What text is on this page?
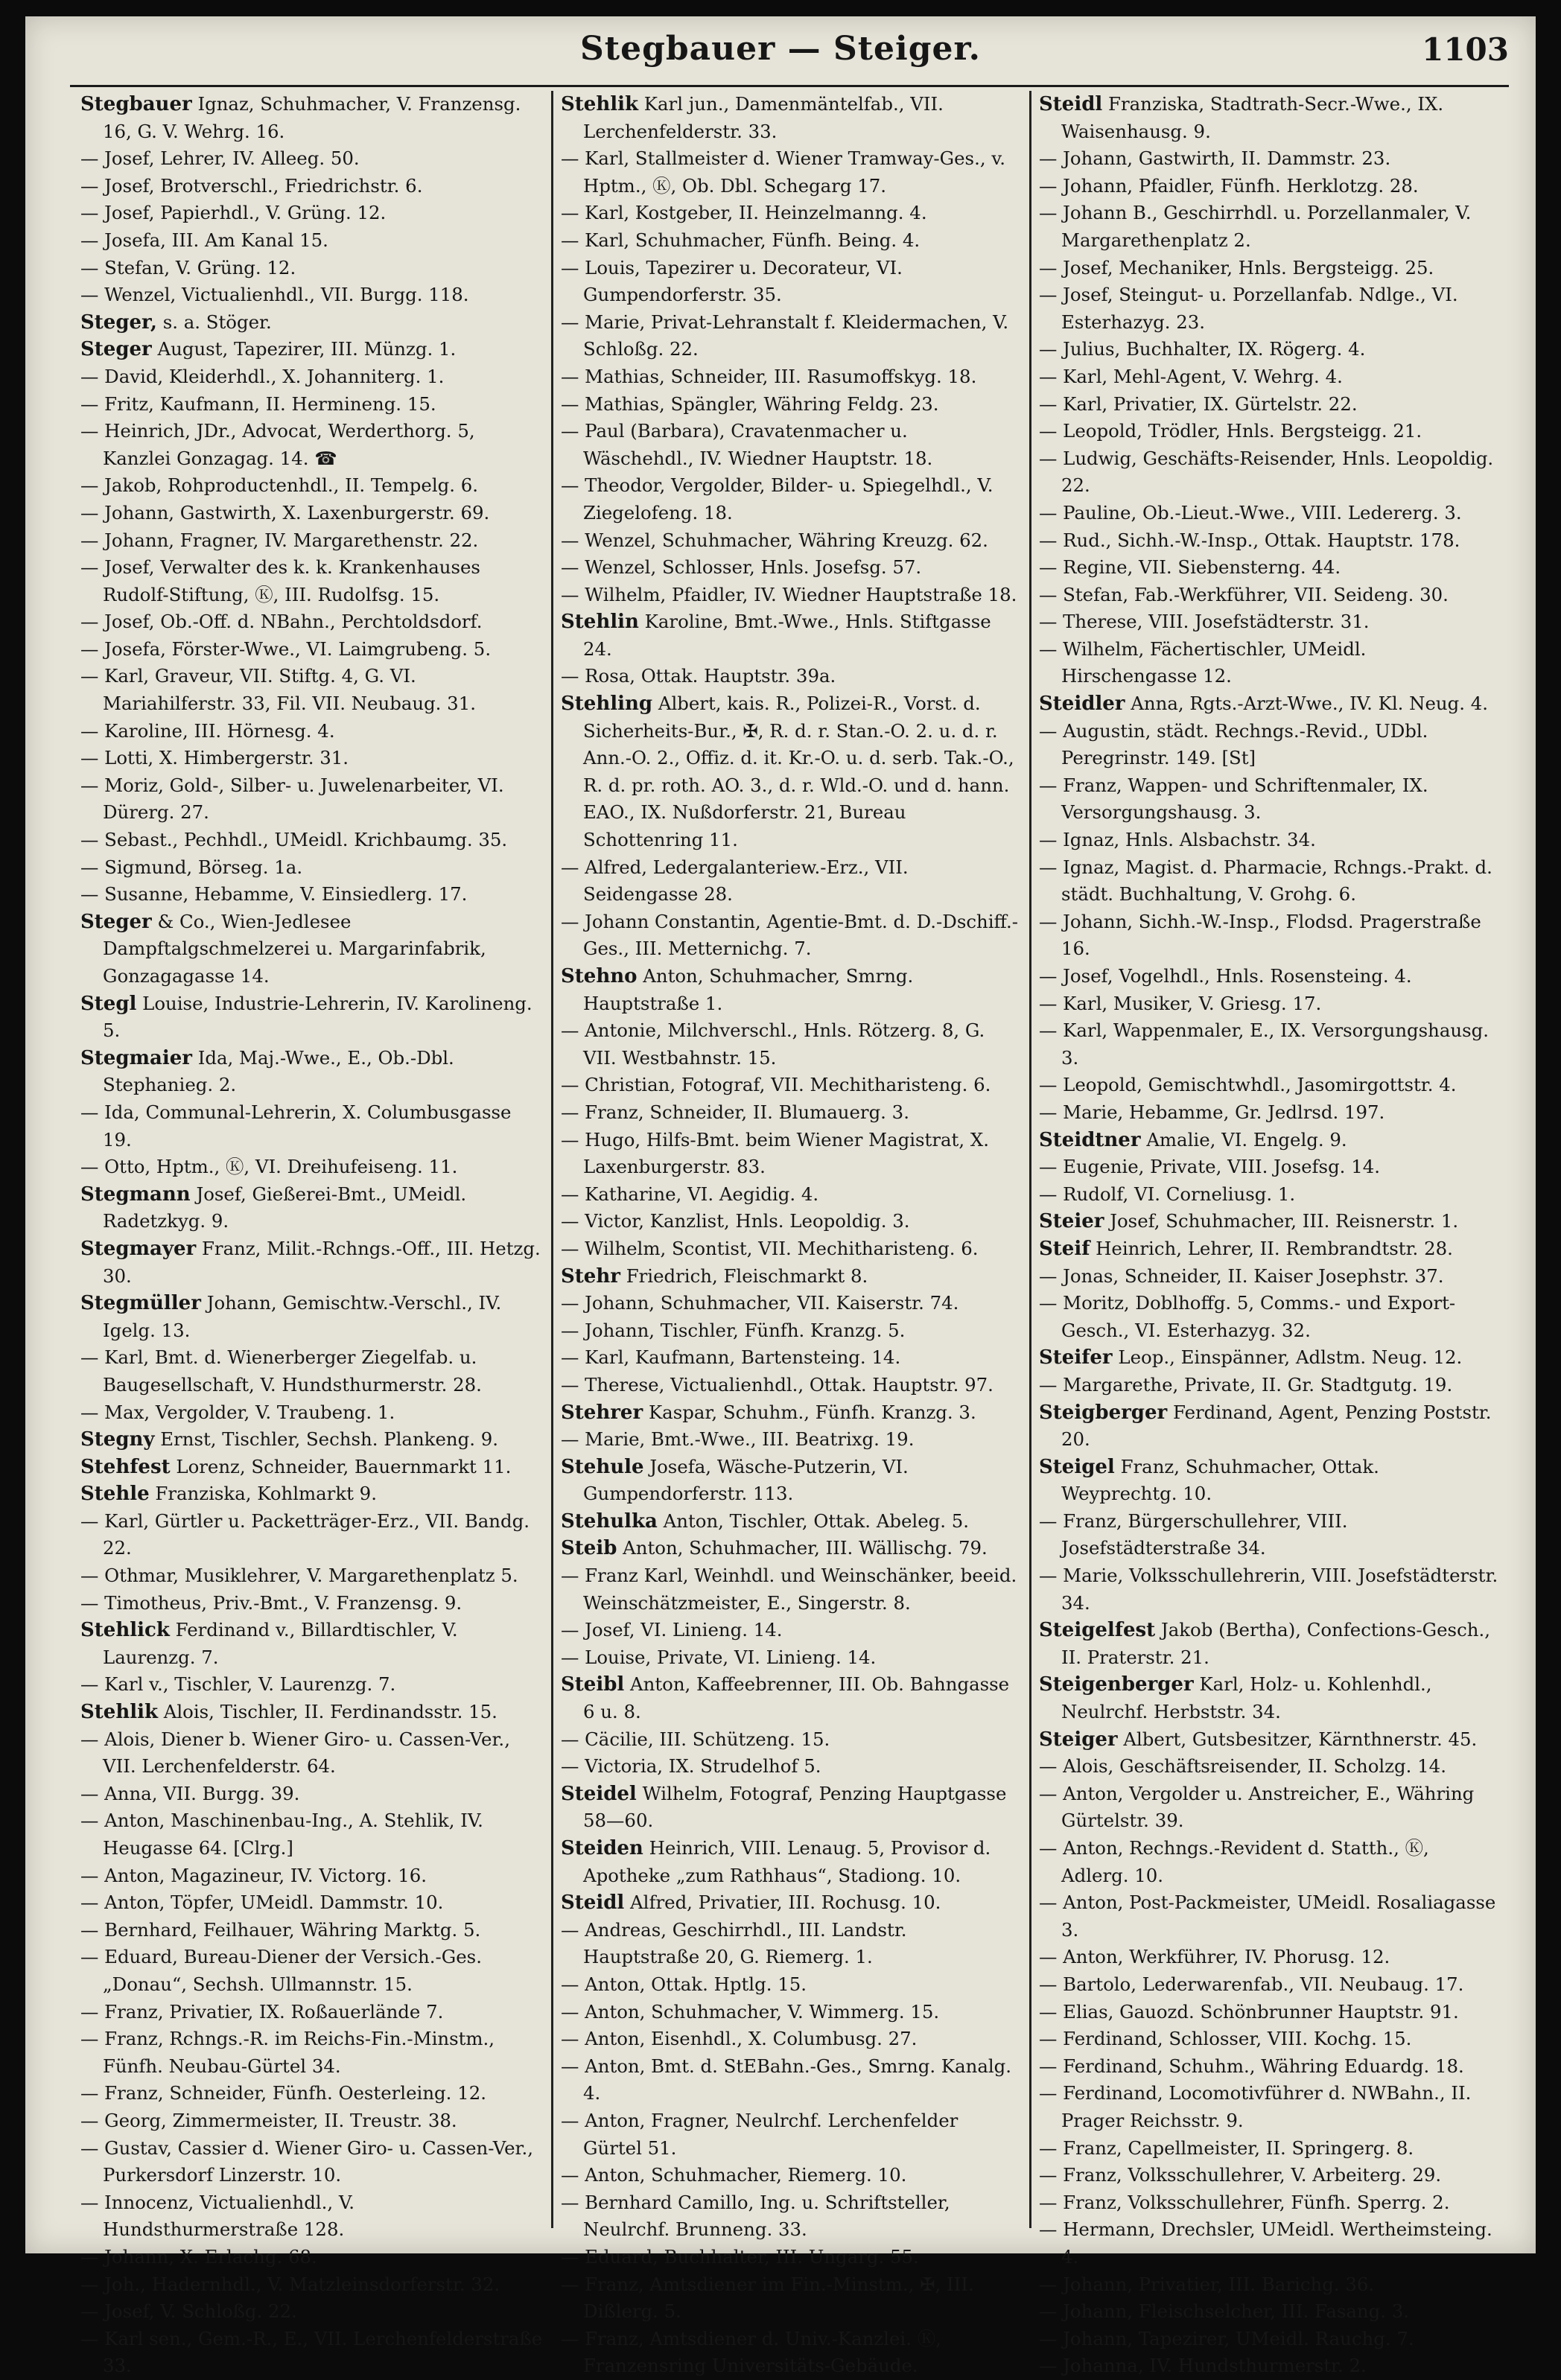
Stegbauer — Steiger.	1103

Stegbauer Ignaz, Schuhmacher, V. Franzensg. 16, G. V. Wehrg. 16.

— Josef, Lehrer, IV. Alleeg. 50.

— Josef, Brotverschl., Friedrichstr. 6.

— Josef, Papierhdl., V. Grüng. 12.

— Josefa, III. Am Kanal 15.

— Stefan, V. Grüng. 12.

— Wenzel, Victualienhdl., VII. Burgg. 118.

Steger, s. a. Stöger.

Steger August, Tapezirer, III. Münzg. 1.

— David, Kleiderhdl., X. Johanniterg. 1.

— Fritz, Kaufmann, II. Hermineng. 15.

— Heinrich, JDr., Advocat, Werderthorg. 5, Kanzlei Gonzagag. 14. ☎

— Jakob, Rohproductenhdl., II. Tempelg. 6.

— Johann, Gastwirth, X. Laxenburgerstr. 69.

— Johann, Fragner, IV. Margarethenstr. 22.

— Josef, Verwalter des k. k. Krankenhauses Rudolf-Stiftung, Ⓚ, III. Rudolfsg. 15.

— Josef, Ob.-Off. d. NBahn., Perchtoldsdorf.

— Josefa, Förster-Wwe., VI. Laimgrubeng. 5.

— Karl, Graveur, VII. Stiftg. 4, G. VI. Mariahilferstr. 33, Fil. VII. Neubaug. 31.

— Karoline, III. Hörnesg. 4.

— Lotti, X. Himbergerstr. 31.

— Moriz, Gold-, Silber- u. Juwelenarbeiter, VI. Dürerg. 27.

— Sebast., Pechhdl., UMeidl. Krichbaumg. 35.

— Sigmund, Börseg. 1a.

— Susanne, Hebamme, V. Einsiedlerg. 17.

Steger & Co., Wien-Jedlesee Dampftalgschmelzerei u. Margarinfabrik, Gonzagagasse 14.

Stegl Louise, Industrie-Lehrerin, IV. Karolineng. 5.

Stegmaier Ida, Maj.-Wwe., E., Ob.-Dbl. Stephanieg. 2.

— Ida, Communal-Lehrerin, X. Columbusgasse 19.

— Otto, Hptm., Ⓚ, VI. Dreihufeiseng. 11.

Stegmann Josef, Gießerei-Bmt., UMeidl. Radetzkyg. 9.

Stegmayer Franz, Milit.-Rchngs.-Off., III. Hetzg. 30.

Stegmüller Johann, Gemischtw.-Verschl., IV. Igelg. 13.

— Karl, Bmt. d. Wienerberger Ziegelfab. u. Baugesellschaft, V. Hundsthurmerstr. 28.

— Max, Vergolder, V. Traubeng. 1.

Stegny Ernst, Tischler, Sechsh. Plankeng. 9.

Stehfest Lorenz, Schneider, Bauernmarkt 11.

Stehle Franziska, Kohlmarkt 9.

— Karl, Gürtler u. Packetträger-Erz., VII. Bandg. 22.

— Othmar, Musiklehrer, V. Margarethenplatz 5.

— Timotheus, Priv.-Bmt., V. Franzensg. 9.

Stehlick Ferdinand v., Billardtischler, V. Laurenzg. 7.

— Karl v., Tischler, V. Laurenzg. 7.

Stehlik Alois, Tischler, II. Ferdinandsstr. 15.

— Alois, Diener b. Wiener Giro- u. Cassen-Ver., VII. Lerchenfelderstr. 64.

— Anna, VII. Burgg. 39.

— Anton, Maschinenbau-Ing., A. Stehlik, IV. Heugasse 64. [Clrg.]

— Anton, Magazineur, IV. Victorg. 16.

— Anton, Töpfer, UMeidl. Dammstr. 10.

— Bernhard, Feilhauer, Währing Marktg. 5.

— Eduard, Bureau-Diener der Versich.-Ges. „Donau“, Sechsh. Ullmannstr. 15.

— Franz, Privatier, IX. Roßauerlände 7.

— Franz, Rchngs.-R. im Reichs-Fin.-Minstm., Fünfh. Neubau-Gürtel 34.

— Franz, Schneider, Fünfh. Oesterleing. 12.

— Georg, Zimmermeister, II. Treustr. 38.

— Gustav, Cassier d. Wiener Giro- u. Cassen-Ver., Purkersdorf Linzerstr. 10.

— Innocenz, Victualienhdl., V. Hundsthurmerstraße 128.

— Johann, X. Erlachg. 68.

— Joh., Hadernhdl., V. Matzleinsdorferstr. 32.

— Josef, V. Schloßg. 22.

— Karl sen., Gem.-R., E., VII. Lerchenfelderstraße 33.

Stehlik Karl jun., Damenmäntelfab., VII. Lerchenfelderstr. 33.

— Karl, Stallmeister d. Wiener Tramway-Ges., v. Hptm., Ⓚ, Ob. Dbl. Schegarg 17.

— Karl, Kostgeber, II. Heinzelmanng. 4.

— Karl, Schuhmacher, Fünfh. Being. 4.

— Louis, Tapezirer u. Decorateur, VI. Gumpendorferstr. 35.

— Marie, Privat-Lehranstalt f. Kleidermachen, V. Schloßg. 22.

— Mathias, Schneider, III. Rasumoffskyg. 18.

— Mathias, Spängler, Währing Feldg. 23.

— Paul (Barbara), Cravatenmacher u. Wäschehdl., IV. Wiedner Hauptstr. 18.

— Theodor, Vergolder, Bilder- u. Spiegelhdl., V. Ziegelofeng. 18.

— Wenzel, Schuhmacher, Währing Kreuzg. 62.

— Wenzel, Schlosser, Hnls. Josefsg. 57.

— Wilhelm, Pfaidler, IV. Wiedner Hauptstraße 18.

Stehlin Karoline, Bmt.-Wwe., Hnls. Stiftgasse 24.

— Rosa, Ottak. Hauptstr. 39a.

Stehling Albert, kais. R., Polizei-R., Vorst. d. Sicherheits-Bur., ✠, R. d. r. Stan.-O. 2. u. d. r. Ann.-O. 2., Offiz. d. it. Kr.-O. u. d. serb. Tak.-O., R. d. pr. roth. AO. 3., d. r. Wld.-O. und d. hann. EAO., IX. Nußdorferstr. 21, Bureau Schottenring 11.

— Alfred, Ledergalanteriew.-Erz., VII. Seidengasse 28.

— Johann Constantin, Agentie-Bmt. d. D.-Dschiff.-Ges., III. Metternichg. 7.

Stehno Anton, Schuhmacher, Smrng. Hauptstraße 1.

— Antonie, Milchverschl., Hnls. Rötzerg. 8, G. VII. Westbahnstr. 15.

— Christian, Fotograf, VII. Mechitharisteng. 6.

— Franz, Schneider, II. Blumauerg. 3.

— Hugo, Hilfs-Bmt. beim Wiener Magistrat, X. Laxenburgerstr. 83.

— Katharine, VI. Aegidig. 4.

— Victor, Kanzlist, Hnls. Leopoldig. 3.

— Wilhelm, Scontist, VII. Mechitharisteng. 6.

Stehr Friedrich, Fleischmarkt 8.

— Johann, Schuhmacher, VII. Kaiserstr. 74.

— Johann, Tischler, Fünfh. Kranzg. 5.

— Karl, Kaufmann, Bartensteing. 14.

— Therese, Victualienhdl., Ottak. Hauptstr. 97.

Stehrer Kaspar, Schuhm., Fünfh. Kranzg. 3.

— Marie, Bmt.-Wwe., III. Beatrixg. 19.

Stehule Josefa, Wäsche-Putzerin, VI. Gumpendorferstr. 113.

Stehulka Anton, Tischler, Ottak. Abeleg. 5.

Steib Anton, Schuhmacher, III. Wällischg. 79.

— Franz Karl, Weinhdl. und Weinschänker, beeid. Weinschätzmeister, E., Singerstr. 8.

— Josef, VI. Linieng. 14.

— Louise, Private, VI. Linieng. 14.

Steibl Anton, Kaffeebrenner, III. Ob. Bahngasse 6 u. 8.

— Cäcilie, III. Schützeng. 15.

— Victoria, IX. Strudelhof 5.

Steidel Wilhelm, Fotograf, Penzing Hauptgasse 58—60.

Steiden Heinrich, VIII. Lenaug. 5, Provisor d. Apotheke „zum Rathhaus“, Stadiong. 10.

Steidl Alfred, Privatier, III. Rochusg. 10.

— Andreas, Geschirrhdl., III. Landstr. Hauptstraße 20, G. Riemerg. 1.

— Anton, Ottak. Hptlg. 15.

— Anton, Schuhmacher, V. Wimmerg. 15.

— Anton, Eisenhdl., X. Columbusg. 27.

— Anton, Bmt. d. StEBahn.-Ges., Smrng. Kanalg. 4.

— Anton, Fragner, Neulrchf. Lerchenfelder Gürtel 51.

— Anton, Schuhmacher, Riemerg. 10.

— Bernhard Camillo, Ing. u. Schriftsteller, Neulrchf. Brunneng. 33.

— Eduard, Buchhalter, III. Ungarg. 55.

— Franz, Amtsdiener im Fin.-Minstm., ✠, III. Dißlerg. 5.

— Franz, Amtsdiener d. Univ.-Kanzlei. Ⓚ, Franzensring Universitäts-Gebäude.

Steidl Franziska, Stadtrath-Secr.-Wwe., IX. Waisenhausg. 9.

— Johann, Gastwirth, II. Dammstr. 23.

— Johann, Pfaidler, Fünfh. Herklotzg. 28.

— Johann B., Geschirrhdl. u. Porzellanmaler, V. Margarethenplatz 2.

— Josef, Mechaniker, Hnls. Bergsteigg. 25.

— Josef, Steingut- u. Porzellanfab. Ndlge., VI. Esterhazyg. 23.

— Julius, Buchhalter, IX. Rögerg. 4.

— Karl, Mehl-Agent, V. Wehrg. 4.

— Karl, Privatier, IX. Gürtelstr. 22.

— Leopold, Trödler, Hnls. Bergsteigg. 21.

— Ludwig, Geschäfts-Reisender, Hnls. Leopoldig. 22.

— Pauline, Ob.-Lieut.-Wwe., VIII. Ledererg. 3.

— Rud., Sichh.-W.-Insp., Ottak. Hauptstr. 178.

— Regine, VII. Siebensterng. 44.

— Stefan, Fab.-Werkführer, VII. Seideng. 30.

— Therese, VIII. Josefstädterstr. 31.

— Wilhelm, Fächertischler, UMeidl. Hirschengasse 12.

Steidler Anna, Rgts.-Arzt-Wwe., IV. Kl. Neug. 4.

— Augustin, städt. Rechngs.-Revid., UDbl. Peregrinstr. 149. [St]

— Franz, Wappen- und Schriftenmaler, IX. Versorgungshausg. 3.

— Ignaz, Hnls. Alsbachstr. 34.

— Ignaz, Magist. d. Pharmacie, Rchngs.-Prakt. d. städt. Buchhaltung, V. Grohg. 6.

— Johann, Sichh.-W.-Insp., Flodsd. Pragerstraße 16.

— Josef, Vogelhdl., Hnls. Rosensteing. 4.

— Karl, Musiker, V. Griesg. 17.

— Karl, Wappenmaler, E., IX. Versorgungshausg. 3.

— Leopold, Gemischtwhdl., Jasomirgottstr. 4.

— Marie, Hebamme, Gr. Jedlrsd. 197.

Steidtner Amalie, VI. Engelg. 9.

— Eugenie, Private, VIII. Josefsg. 14.

— Rudolf, VI. Corneliusg. 1.

Steier Josef, Schuhmacher, III. Reisnerstr. 1.

Steif Heinrich, Lehrer, II. Rembrandtstr. 28.

— Jonas, Schneider, II. Kaiser Josephstr. 37.

— Moritz, Doblhoffg. 5, Comms.- und Export-Gesch., VI. Esterhazyg. 32.

Steifer Leop., Einspänner, Adlstm. Neug. 12.

— Margarethe, Private, II. Gr. Stadtgutg. 19.

Steigberger Ferdinand, Agent, Penzing Poststr. 20.

Steigel Franz, Schuhmacher, Ottak. Weyprechtg. 10.

— Franz, Bürgerschullehrer, VIII. Josefstädterstraße 34.

— Marie, Volksschullehrerin, VIII. Josefstädterstr. 34.

Steigelfest Jakob (Bertha), Confections-Gesch., II. Praterstr. 21.

Steigenberger Karl, Holz- u. Kohlenhdl., Neulrchf. Herbststr. 34.

Steiger Albert, Gutsbesitzer, Kärnthnerstr. 45.

— Alois, Geschäftsreisender, II. Scholzg. 14.

— Anton, Vergolder u. Anstreicher, E., Währing Gürtelstr. 39.

— Anton, Rechngs.-Revident d. Statth., Ⓚ, Adlerg. 10.

— Anton, Post-Packmeister, UMeidl. Rosaliagasse 3.

— Anton, Werkführer, IV. Phorusg. 12.

— Bartolo, Lederwarenfab., VII. Neubaug. 17.

— Elias, Gauozd. Schönbrunner Hauptstr. 91.

— Ferdinand, Schlosser, VIII. Kochg. 15.

— Ferdinand, Schuhm., Währing Eduardg. 18.

— Ferdinand, Locomotivführer d. NWBahn., II. Prager Reichsstr. 9.

— Franz, Capellmeister, II. Springerg. 8.

— Franz, Volksschullehrer, V. Arbeiterg. 29.

— Franz, Volksschullehrer, Fünfh. Sperrg. 2.

— Hermann, Drechsler, UMeidl. Wertheimsteing. 4.

— Johann, Privatier, III. Barichg. 36.

— Johann, Fleischselcher, III. Fasang. 3.

— Johann, Tapezirer, UMeidl. Rauchg. 7.

— Johanna, IV. Hundsthurmerstr. 2.
